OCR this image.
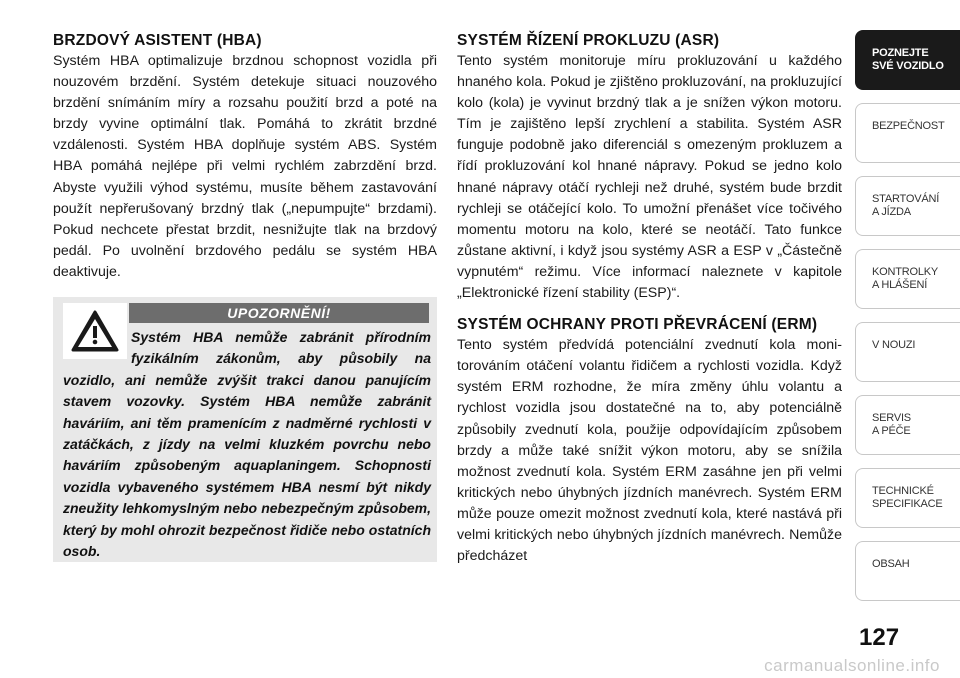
BRZDOVÝ ASISTENT (HBA)

Systém HBA optimalizuje brzdnou schopnost vozidla při nouzovém brzdění. Systém detekuje situaci nouzového brzdění snímáním míry a rozsahu použití brzd a poté na brzdy vyvine optimální tlak. Pomáhá to zkrátit brzdné vzdálenosti. Systém HBA doplňuje systém ABS. Systém HBA pomáhá nejlépe při velmi rychlém zabrzdění brzd. Abyste využili výhod systému, musíte během zastavování použít nepřerušovaný brzdný tlak („nepumpujte“ brzdami). Pokud nechcete přestat brzdit, nesnižujte tlak na brzdový pedál. Po uvolnění brzdového pedálu se systém HBA deaktivuje.

UPOZORNĚNÍ!
Systém HBA nemůže zabránit přírodním fyzikálním zákonům, aby působily na vozidlo, ani nemůže zvýšit trakci danou panujícím stavem vozovky. Systém HBA nemůže zabránit haváriím, ani těm pramenícím z nadměrné rychlosti v zatáčkách, z jízdy na velmi kluzkém povrchu nebo haváriím způsobeným aquaplaningem. Schopnosti vozidla vybaveného systémem HBA nesmí být nikdy zneužity lehkomyslným nebo nebezpečným způsobem, který by mohl ohrozit bezpečnost řidiče nebo ostatních osob.
SYSTÉM ŘÍZENÍ PROKLUZU (ASR)

Tento systém monitoruje míru prokluzování u každého hnaného kola. Pokud je zjištěno prokluzování, na prokluzující kolo (kola) je vyvinut brzdný tlak a je snížen výkon motoru. Tím je zajištěno lepší zrychlení a stabilita. Systém ASR funguje podobně jako diferenciál s omezeným prokluzem a řídí prokluzování kol hnané nápravy. Pokud se jedno kolo hnané nápravy otáčí rychleji než druhé, systém bude brzdit rychleji se otáčející kolo. To umožní přenášet více točivého momentu motoru na kolo, které se neotáčí. Tato funkce zůstane aktivní, i když jsou systémy ASR a ESP v „Částečně vypnutém“ režimu. Více informací naleznete v kapitole „Elektronické řízení stability (ESP)“.

SYSTÉM OCHRANY PROTI PŘEVRÁCENÍ (ERM)

Tento systém předvídá potenciální zvednutí kola monitorováním otáčení volantu řidičem a rychlosti vozidla. Když systém ERM rozhodne, že míra změny úhlu volantu a rychlost vozidla jsou dostatečné na to, aby potenciálně způsobily zvednutí kola, použije odpovídajícím způsobem brzdy a může také snížit výkon motoru, aby se snížila možnost zvednutí kola. Systém ERM zasáhne jen při velmi kritických nebo úhybných jízdních manévrech. Systém ERM může pouze omezit možnost zvednutí kola, které nastává při velmi kritických nebo úhybných jízdních manévrech. Nemůže předcházet

POZNEJTE
SVÉ VOZIDLO
BEZPEČNOST
STARTOVÁNÍ
A JÍZDA
KONTROLKY
A HLÁŠENÍ
V NOUZI
SERVIS
A PÉČE
TECHNICKÉ
SPECIFIKACE
OBSAH
127
carmanualsonline.info
